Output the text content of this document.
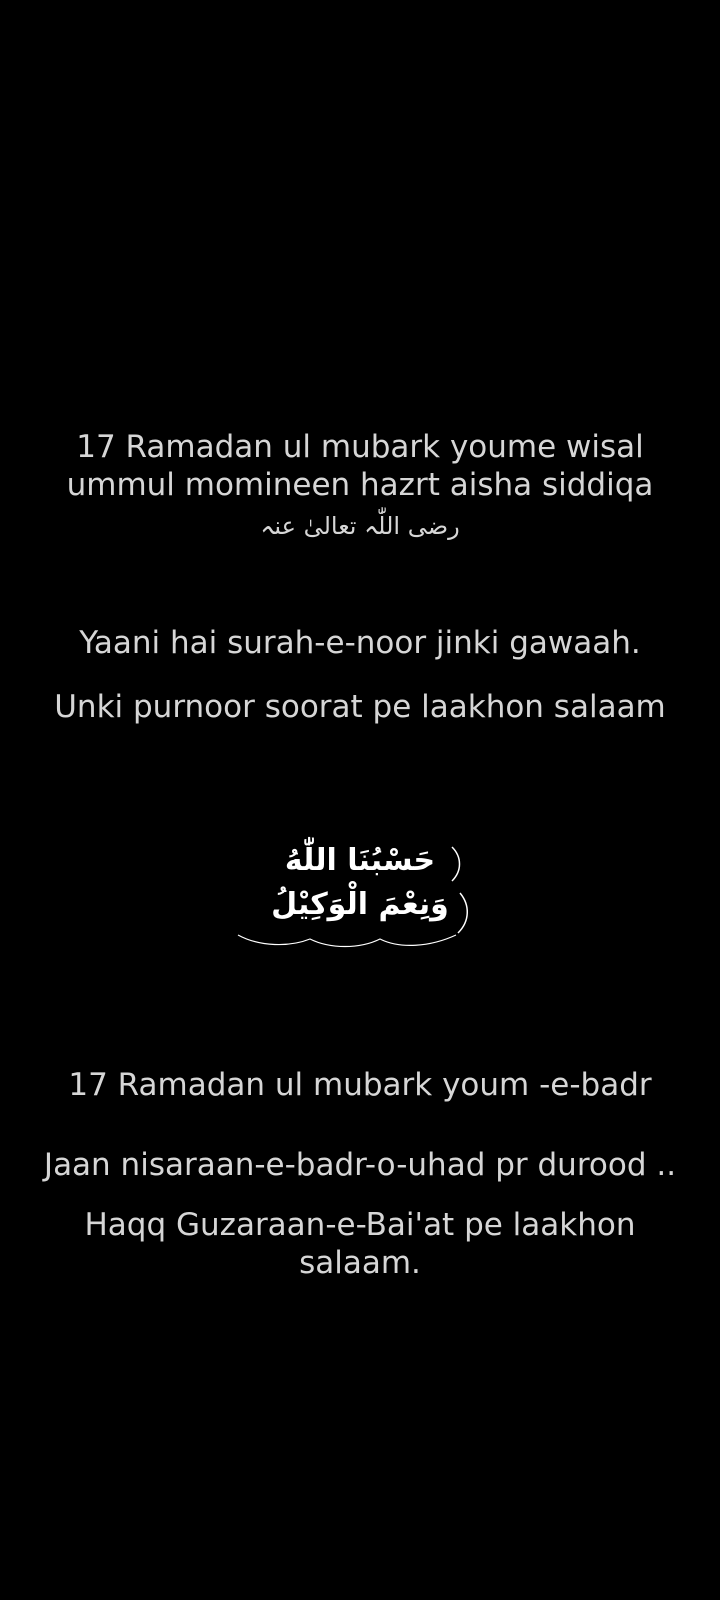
17 Ramadan ul mubark youme wisal
ummul momineen hazrt aisha siddiqa
رضی اللّٰہ تعالیٰ عنہ
Yaani hai surah-e-noor jinki gawaah.
Unki purnoor soorat pe laakhon salaam
حَسْبُنَا اللّٰهُ
وَنِعْمَ الْوَكِيْلُ
17 Ramadan ul mubark youm -e-badr
Jaan nisaraan-e-badr-o-uhad pr durood ..
Haqq Guzaraan-e-Bai'at pe laakhon salaam.
